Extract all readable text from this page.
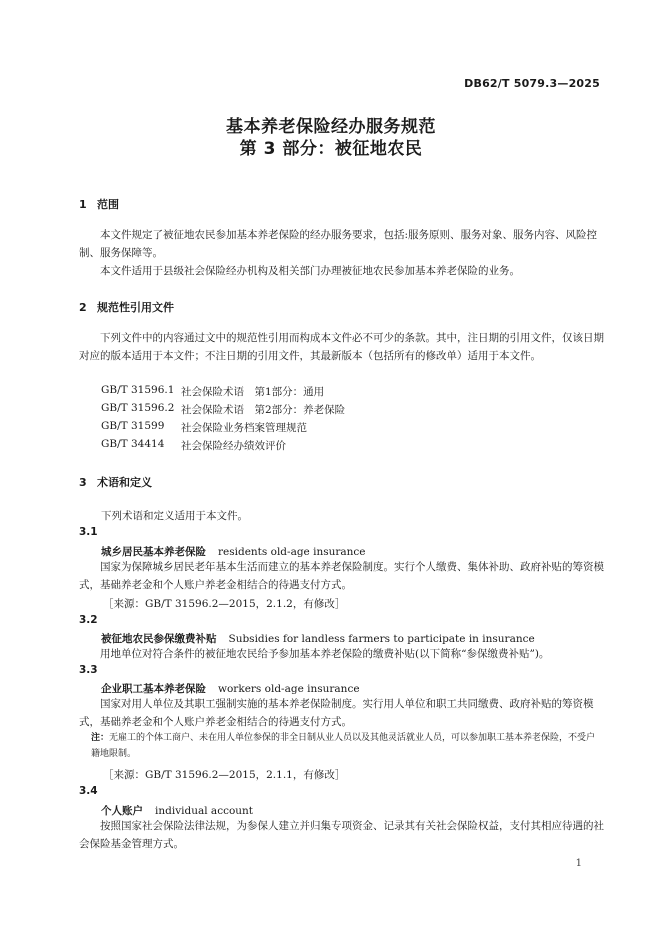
DB62/T 5079.3—2025
基本养老保险经办服务规范
第 3 部分：被征地农民
1 范围
本文件规定了被征地农民参加基本养老保险的经办服务要求，包括:服务原则、服务对象、服务内容、风险控制、服务保障等。
本文件适用于县级社会保险经办机构及相关部门办理被征地农民参加基本养老保险的业务。
2 规范性引用文件
下列文件中的内容通过文中的规范性引用而构成本文件必不可少的条款。其中，注日期的引用文件，仅该日期对应的版本适用于本文件；不注日期的引用文件，其最新版本（包括所有的修改单）适用于本文件。
GB/T 31596.1 社会保险术语　第1部分：通用
GB/T 31596.2 社会保险术语　第2部分：养老保险
GB/T 31599 社会保险业务档案管理规范
GB/T 34414 社会保险经办绩效评价
3 术语和定义
下列术语和定义适用于本文件。
3.1
城乡居民基本养老保险 residents old-age insurance
国家为保障城乡居民老年基本生活而建立的基本养老保险制度。实行个人缴费、集体补助、政府补贴的筹资模式，基础养老金和个人账户养老金相结合的待遇支付方式。
［来源：GB/T 31596.2—2015，2.1.2，有修改］
3.2
被征地农民参保缴费补贴 Subsidies for landless farmers to participate in insurance
用地单位对符合条件的被征地农民给予参加基本养老保险的缴费补贴(以下简称“参保缴费补贴”)。
3.3
企业职工基本养老保险 workers old-age insurance
国家对用人单位及其职工强制实施的基本养老保险制度。实行用人单位和职工共同缴费、政府补贴的筹资模式，基础养老金和个人账户养老金相结合的待遇支付方式。
注：无雇工的个体工商户、未在用人单位参保的非全日制从业人员以及其他灵活就业人员，可以参加职工基本养老保险，不受户籍地限制。
［来源：GB/T 31596.2—2015，2.1.1，有修改］
3.4
个人账户 individual account
按照国家社会保险法律法规，为参保人建立并归集专项资金、记录其有关社会保险权益，支付其相应待遇的社会保险基金管理方式。
1
